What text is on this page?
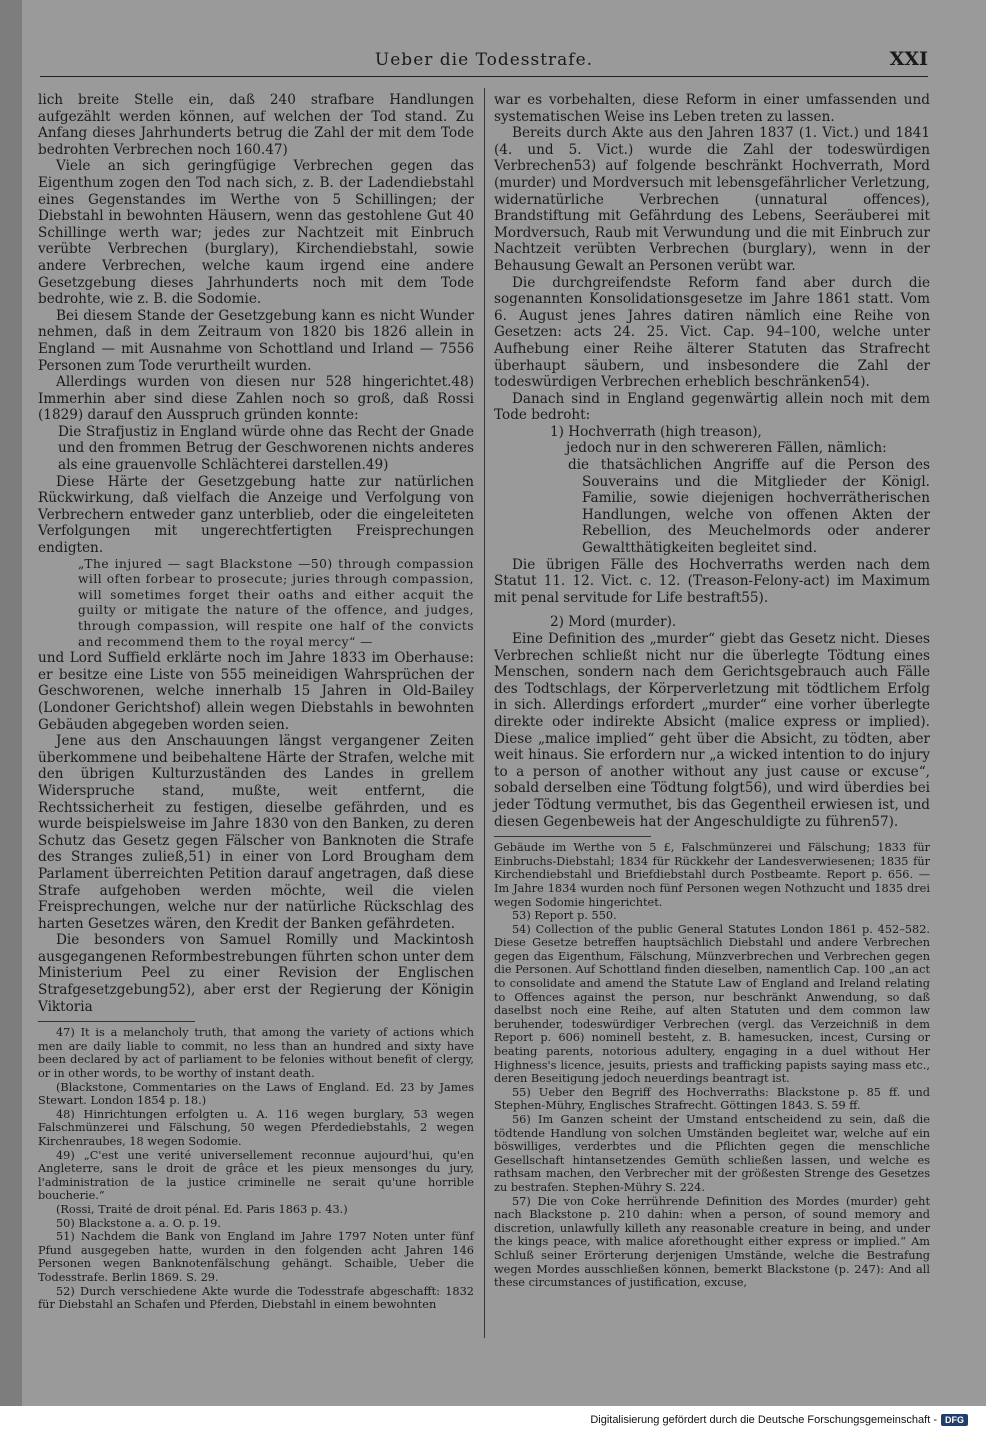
Ueber die Todesstrafe.	XXI

lich breite Stelle ein, daß 240 strafbare Handlungen aufgezählt werden können, auf welchen der Tod stand. Zu Anfang dieses Jahrhunderts betrug die Zahl der mit dem Tode bedrohten Verbrechen noch 160.47)

Viele an sich geringfügige Verbrechen gegen das Eigenthum zogen den Tod nach sich, z. B. der Ladendiebstahl eines Gegenstandes im Werthe von 5 Schillingen; der Diebstahl in bewohnten Häusern, wenn das gestohlene Gut 40 Schillinge werth war; jedes zur Nachtzeit mit Einbruch verübte Verbrechen (burglary), Kirchendiebstahl, sowie andere Verbrechen, welche kaum irgend eine andere Gesetzgebung dieses Jahrhunderts noch mit dem Tode bedrohte, wie z. B. die Sodomie.

Bei diesem Stande der Gesetzgebung kann es nicht Wunder nehmen, daß in dem Zeitraum von 1820 bis 1826 allein in England — mit Ausnahme von Schottland und Irland — 7556 Personen zum Tode verurtheilt wurden.

Allerdings wurden von diesen nur 528 hingerichtet.48) Immerhin aber sind diese Zahlen noch so groß, daß Rossi (1829) darauf den Ausspruch gründen konnte:

Die Strafjustiz in England würde ohne das Recht der Gnade und den frommen Betrug der Geschworenen nichts anderes als eine grauenvolle Schlächterei darstellen.49)

Diese Härte der Gesetzgebung hatte zur natürlichen Rückwirkung, daß vielfach die Anzeige und Verfolgung von Verbrechern entweder ganz unterblieb, oder die eingeleiteten Verfolgungen mit ungerechtfertigten Freisprechungen endigten.

„The injured — sagt Blackstone —50) through compassion will often forbear to prosecute; juries through compassion, will sometimes forget their oaths and either acquit the guilty or mitigate the nature of the offence, and judges, through compassion, will respite one half of the convicts and recommend them to the royal mercy“ —

und Lord Suffield erklärte noch im Jahre 1833 im Oberhause: er besitze eine Liste von 555 meineidigen Wahrsprüchen der Geschworenen, welche innerhalb 15 Jahren in Old-Bailey (Londoner Gerichtshof) allein wegen Diebstahls in bewohnten Gebäuden abgegeben worden seien.

Jene aus den Anschauungen längst vergangener Zeiten überkommene und beibehaltene Härte der Strafen, welche mit den übrigen Kulturzuständen des Landes in grellem Widerspruche stand, mußte, weit entfernt, die Rechtssicherheit zu festigen, dieselbe gefährden, und es wurde beispielsweise im Jahre 1830 von den Banken, zu deren Schutz das Gesetz gegen Fälscher von Banknoten die Strafe des Stranges zuließ,51) in einer von Lord Brougham dem Parlament überreichten Petition darauf angetragen, daß diese Strafe aufgehoben werden möchte, weil die vielen Freisprechungen, welche nur der natürliche Rückschlag des harten Gesetzes wären, den Kredit der Banken gefährdeten.

Die besonders von Samuel Romilly und Mackintosh ausgegangenen Reformbestrebungen führten schon unter dem Ministerium Peel zu einer Revision der Englischen Strafgesetzgebung52), aber erst der Regierung der Königin Viktoria

47) It is a melancholy truth, that among the variety of actions which men are daily liable to commit, no less than an hundred and sixty have been declared by act of parliament to be felonies without benefit of clergy, or in other words, to be worthy of instant death.

(Blackstone, Commentaries on the Laws of England. Ed. 23 by James Stewart. London 1854 p. 18.)

48) Hinrichtungen erfolgten u. A. 116 wegen burglary, 53 wegen Falschmünzerei und Fälschung, 50 wegen Pferdediebstahls, 2 wegen Kirchenraubes, 18 wegen Sodomie.

49) „C'est une verité universellement reconnue aujourd'hui, qu'en Angleterre, sans le droit de grâce et les pieux mensonges du jury, l'administration de la justice criminelle ne serait qu'une horrible boucherie.“

(Rossi, Traité de droit pénal. Ed. Paris 1863 p. 43.)

50) Blackstone a. a. O. p. 19.

51) Nachdem die Bank von England im Jahre 1797 Noten unter fünf Pfund ausgegeben hatte, wurden in den folgenden acht Jahren 146 Personen wegen Banknotenfälschung gehängt. Schaible, Ueber die Todesstrafe. Berlin 1869. S. 29.

52) Durch verschiedene Akte wurde die Todesstrafe abgeschafft: 1832 für Diebstahl an Schafen und Pferden, Diebstahl in einem bewohnten

war es vorbehalten, diese Reform in einer umfassenden und systematischen Weise ins Leben treten zu lassen.

Bereits durch Akte aus den Jahren 1837 (1. Vict.) und 1841 (4. und 5. Vict.) wurde die Zahl der todeswürdigen Verbrechen53) auf folgende beschränkt Hochverrath, Mord (murder) und Mordversuch mit lebensgefährlicher Verletzung, widernatürliche Verbrechen (unnatural offences), Brandstiftung mit Gefährdung des Lebens, Seeräuberei mit Mordversuch, Raub mit Verwundung und die mit Einbruch zur Nachtzeit verübten Verbrechen (burglary), wenn in der Behausung Gewalt an Personen verübt war.

Die durchgreifendste Reform fand aber durch die sogenannten Konsolidationsgesetze im Jahre 1861 statt. Vom 6. August jenes Jahres datiren nämlich eine Reihe von Gesetzen: acts 24. 25. Vict. Cap. 94–100, welche unter Aufhebung einer Reihe älterer Statuten das Strafrecht überhaupt säubern, und insbesondere die Zahl der todeswürdigen Verbrechen erheblich beschränken54).

Danach sind in England gegenwärtig allein noch mit dem Tode bedroht:

1) Hochverrath (high treason),

jedoch nur in den schwereren Fällen, nämlich:

die thatsächlichen Angriffe auf die Person des Souverains und die Mitglieder der Königl. Familie, sowie diejenigen hochverrätherischen Handlungen, welche von offenen Akten der Rebellion, des Meuchelmords oder anderer Gewaltthätigkeiten begleitet sind.

Die übrigen Fälle des Hochverraths werden nach dem Statut 11. 12. Vict. c. 12. (Treason-Felony-act) im Maximum mit penal servitude for Life bestraft55).

2) Mord (murder).

Eine Definition des „murder“ giebt das Gesetz nicht. Dieses Verbrechen schließt nicht nur die überlegte Tödtung eines Menschen, sondern nach dem Gerichtsgebrauch auch Fälle des Todtschlags, der Körperverletzung mit tödtlichem Erfolg in sich. Allerdings erfordert „murder“ eine vorher überlegte direkte oder indirekte Absicht (malice express or implied). Diese „malice implied“ geht über die Absicht, zu tödten, aber weit hinaus. Sie erfordern nur „a wicked intention to do injury to a person of another without any just cause or excuse“, sobald derselben eine Tödtung folgt56), und wird überdies bei jeder Tödtung vermuthet, bis das Gegentheil erwiesen ist, und diesen Gegenbeweis hat der Angeschuldigte zu führen57).

Gebäude im Werthe von 5 £, Falschmünzerei und Fälschung; 1833 für Einbruchs-Diebstahl; 1834 für Rückkehr der Landesverwiesenen; 1835 für Kirchendiebstahl und Briefdiebstahl durch Postbeamte. Report p. 656. — Im Jahre 1834 wurden noch fünf Personen wegen Nothzucht und 1835 drei wegen Sodomie hingerichtet.

53) Report p. 550.

54) Collection of the public General Statutes London 1861 p. 452–582. Diese Gesetze betreffen hauptsächlich Diebstahl und andere Verbrechen gegen das Eigenthum, Fälschung, Münzverbrechen und Verbrechen gegen die Personen. Auf Schottland finden dieselben, namentlich Cap. 100 „an act to consolidate and amend the Statute Law of England and Ireland relating to Offences against the person, nur beschränkt Anwendung, so daß daselbst noch eine Reihe, auf alten Statuten und dem common law beruhender, todeswürdiger Verbrechen (vergl. das Verzeichniß in dem Report p. 606) nominell besteht, z. B. hamesucken, incest, Cursing or beating parents, notorious adultery, engaging in a duel without Her Highness's licence, jesuits, priests and trafficking papists saying mass etc., deren Beseitigung jedoch neuerdings beantragt ist.

55) Ueber den Begriff des Hochverraths: Blackstone p. 85 ff. und Stephen-Mühry, Englisches Strafrecht. Göttingen 1843. S. 59 ff.

56) Im Ganzen scheint der Umstand entscheidend zu sein, daß die tödtende Handlung von solchen Umständen begleitet war, welche auf ein böswilliges, verderbtes und die Pflichten gegen die menschliche Gesellschaft hintansetzendes Gemüth schließen lassen, und welche es rathsam machen, den Verbrecher mit der größesten Strenge des Gesetzes zu bestrafen. Stephen-Mühry S. 224.

57) Die von Coke herrührende Definition des Mordes (murder) geht nach Blackstone p. 210 dahin: when a person, of sound memory and discretion, unlawfully killeth any reasonable creature in being, and under the kings peace, with malice aforethought either express or implied.“ Am Schluß seiner Erörterung derjenigen Umstände, welche die Bestrafung wegen Mordes ausschließen können, bemerkt Blackstone (p. 247): And all these circumstances of justification, excuse,

Digitalisierung gefördert durch die Deutsche Forschungsgemeinschaft - DFG
